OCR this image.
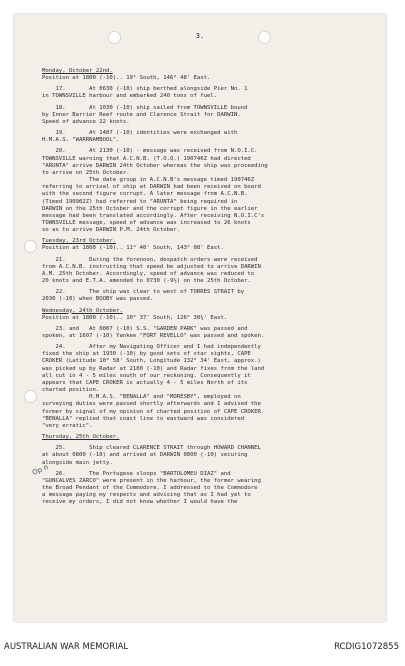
3.
Monday, October 22nd.
Position at 1800 (-10).. 19° South, 146° 48' East.
17.       At 0630 (-10) ship berthed alongside Pier No. 1
in TOWNSVILLE harbour and embarked 240 tons of fuel.
18.       At 1030 (-10) ship sailed from TOWNSVILLE bound
by Inner Barrier Reef route and Clarence Strait for DARWIN.
Speed of advance 22 knots.
19.       At 1407 (-10) identities were exchanged with
H.M.A.S. "WARRNAMBOOL".
20.       At 2130 (-10) - message was received from N.O.I.C.
TOWNSVILLE warning that A.C.N.B. (T.O.O.) 190746Z had directed
"ARUNTA" arrive DARWIN 24th October whereas the ship was proceeding
to arrive on 25th October.
The date group in A.C.N.B's message timed 190746Z
referring to arrival of ship at DARWIN had been received on board
with the second figure corrupt. A later message from A.C.N.B.
(Timed 190902Z) had referred to "ARUNTA" being required in
DARWIN on the 25th October and the corrupt figure in the earlier
message had been translated accordingly. After receiving N.O.I.C's
TOWNSVILLE message, speed of advance was increased to 26 knots
so as to arrive DARWIN P.M. 24th October.
Tuesday, 23rd October.
Position at 1800 (-10).. 11° 40' South, 143° 08' East.
21.       During the forenoon, despatch orders were received
from A.C.N.B. instructing that speed be adjusted to arrive DARWIN
A.M. 25th October. Accordingly, speed of advance was reduced to
20 knots and E.T.A. amended to 0730 (-9½) on the 25th October.
22.       The ship was clear to west of TORRES STRAIT by
2030 (-10) when BOOBY was passed.
Wednesday, 24th October.
Position at 1800 (-10).. 10° 37' South, 126° 30¼' East.
23. and   At 0007 (-10) S.S. "GARDEN PARK" was passed and
spoken, at 1607 (-10) Yankee "FORT REVELLO" was passed and spoken.
24.       After my Navigating Officer and I had independently
fixed the ship at 1930 (-10) by good sets of star sights, CAPE
CROKER (Latitude 10° 58' South, Longitude 132° 34' East, approx.)
was picked up by Radar at 2100 (-10) and Radar fixes from the land
all cut in 4 - 5 miles south of our reckoning. Consequently it
appears that CAPE CROKER is actually 4 - 5 miles North of its
charted position.
H.M.A.S. "BENALLA" and "MORESBY", employed on
surveying duties were passed shortly afterwards and I advised the
former by signal of my opinion of charted position of CAPE CROKER.
"BENALLA" replied that coast line to eastward was considered
"very erratic".
Thursday, 25th October.
25.       Ship cleared CLARENCE STRAIT through HOWARD CHANNEL
at about 0800 (-10) and arrived at DARWIN 0800 (-10) securing
alongside main jetty.
26.       The Portugese sloops "BARTOLOMEU DIAZ" and
"GONCALVES ZARCO" were present in the harbour, the former wearing
the Broad Pendant of the Commodore. I addressed to the Commodore
a message paying my respects and advising that as I had yet to
receive my orders, I did not know whether I would have the
Op n
AUSTRALIAN WAR MEMORIAL	RCDIG1072855
